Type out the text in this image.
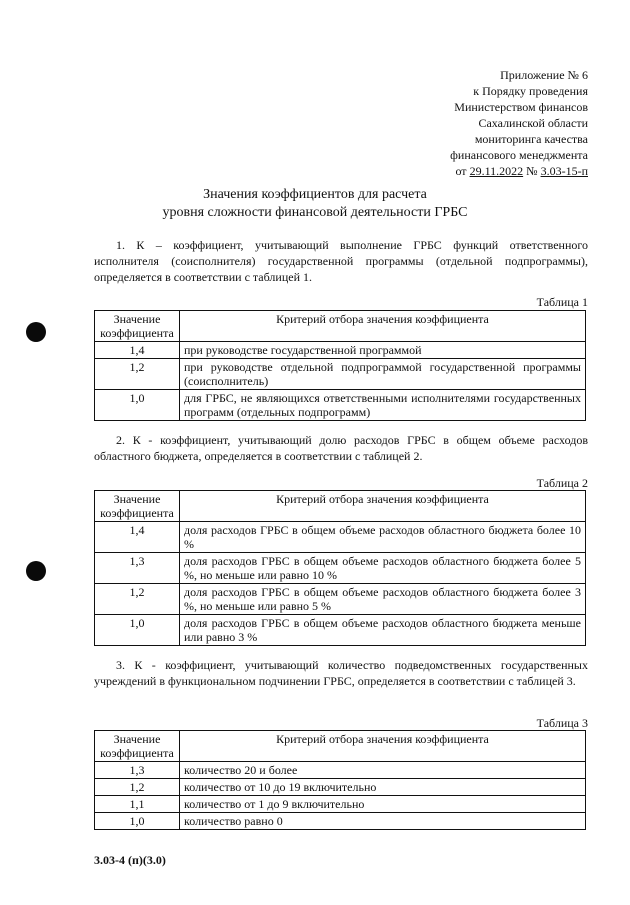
Приложение № 6
к Порядку проведения
Министерством финансов
Сахалинской области
мониторинга качества
финансового менеджмента
от 29.11.2022 № 3.03-15-п
Значения коэффициентов для расчета
уровня сложности финансовой деятельности ГРБС
1. К – коэффициент, учитывающий выполнение ГРБС функций ответственного исполнителя (соисполнителя) государственной программы (отдельной подпрограммы), определяется в соответствии с таблицей 1.
Таблица 1
Значение коэффициента	Критерий отбора значения коэффициента
1,4	при руководстве государственной программой
1,2	при руководстве отдельной подпрограммой государственной программы (соисполнитель)
1,0	для ГРБС, не являющихся ответственными исполнителями государственных программ (отдельных подпрограмм)
2. К - коэффициент, учитывающий долю расходов ГРБС в общем объеме расходов областного бюджета, определяется в соответствии с таблицей 2.
Таблица 2
Значение коэффициента	Критерий отбора значения коэффициента
1,4	доля расходов ГРБС в общем объеме расходов областного бюджета более 10 %
1,3	доля расходов ГРБС в общем объеме расходов областного бюджета более 5 %, но меньше или равно 10 %
1,2	доля расходов ГРБС в общем объеме расходов областного бюджета более 3 %, но меньше или равно 5 %
1,0	доля расходов ГРБС в общем объеме расходов областного бюджета меньше или равно 3 %
3. К - коэффициент, учитывающий количество подведомственных государственных учреждений в функциональном подчинении ГРБС, определяется в соответствии с таблицей 3.
Таблица 3
Значение коэффициента	Критерий отбора значения коэффициента
1,3	количество 20 и более
1,2	количество от 10 до 19 включительно
1,1	количество от 1 до 9 включительно
1,0	количество равно 0
3.03-4 (п)(3.0)
